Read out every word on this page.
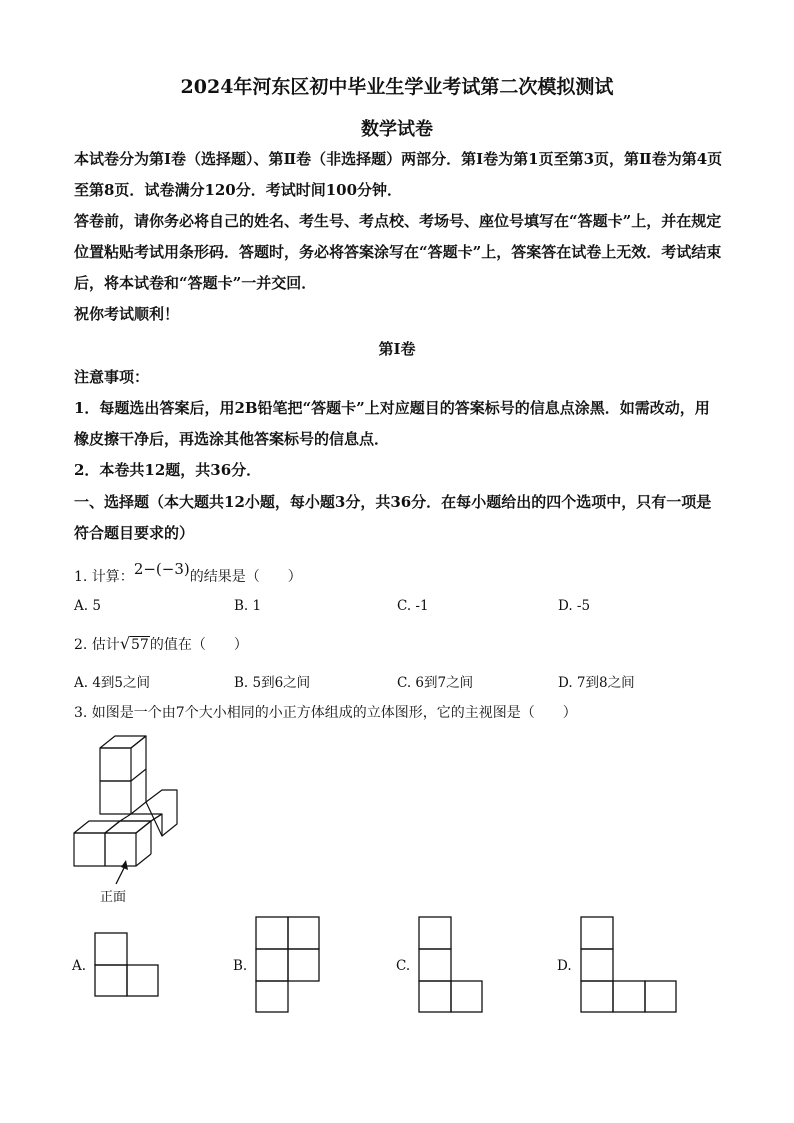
2024年河东区初中毕业生学业考试第二次模拟测试
数学试卷
本试卷分为第Ⅰ卷（选择题）、第Ⅱ卷（非选择题）两部分．第Ⅰ卷为第1页至第3页，第Ⅱ卷为第4页至第8页．试卷满分120分．考试时间100分钟．
答卷前，请你务必将自己的姓名、考生号、考点校、考场号、座位号填写在“答题卡”上，并在规定位置粘贴考试用条形码．答题时，务必将答案涂写在“答题卡”上，答案答在试卷上无效．考试结束后，将本试卷和“答题卡”一并交回．
祝你考试顺利！
第Ⅰ卷
注意事项：
1．每题选出答案后，用2B铅笔把“答题卡”上对应题目的答案标号的信息点涂黑．如需改动，用橡皮擦干净后，再选涂其他答案标号的信息点．
2．本卷共12题，共36分．
一、选择题（本大题共12小题，每小题3分，共36分．在每小题给出的四个选项中，只有一项是符合题目要求的）
1. 计算：2−(−3)的结果是（　　）
A. 5	B. 1	C. -1	D. -5
2. 估计√57的值在（　　）
A. 4到5之间	B. 5到6之间	C. 6到7之间	D. 7到8之间
3. 如图是一个由7个大小相同的小正方体组成的立体图形，它的主视图是（　　）
正面
A.	B.	C.	D.
